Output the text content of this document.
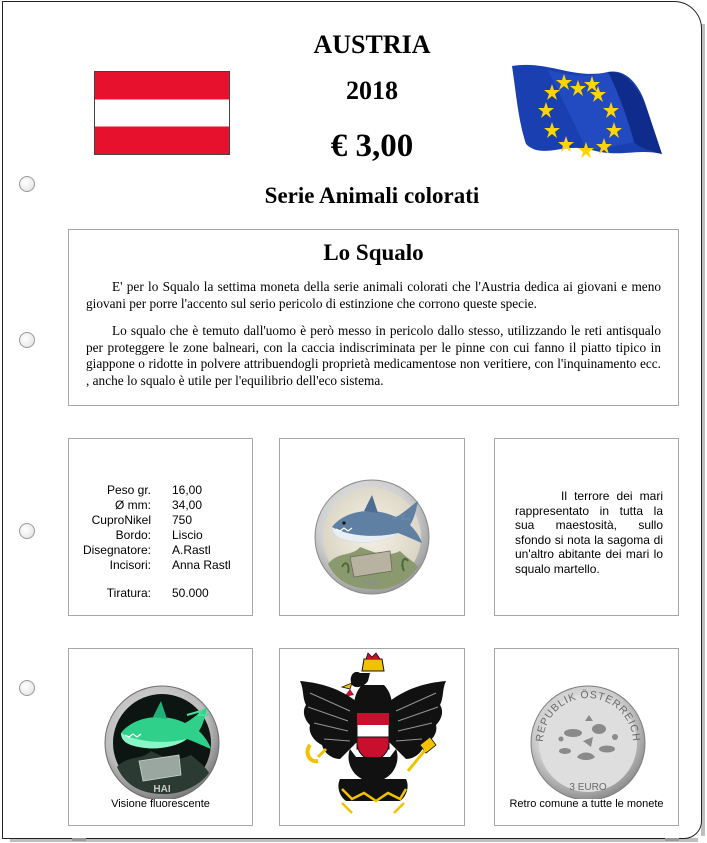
AUSTRIA
2018
€ 3,00
Serie Animali colorati
Lo Squalo

E' per lo Squalo la settima moneta della serie animali colorati che l'Austria dedica ai giovani e meno giovani per porre l'accento sul serio pericolo di estinzione che corrono queste specie.

Lo squalo che è temuto dall'uomo è però messo in pericolo dallo stesso, utilizzando le reti antisqualo per proteggere le zone balneari, con la caccia indiscriminata per le pinne con cui fanno il piatto tipico in giappone o ridotte in polvere attribuendogli proprietà medicamentose non veritiere, con l'inquinamento ecc. , anche lo squalo è utile per l'equilibrio dell'eco sistema.

Peso gr. 16,00
Ø mm: 34,00
CuproNikel 750
Bordo: Liscio
Disegnatore: A.Rastl
Incisori: Anna Rastl
Tiratura: 50.000
HAI

Il terrore dei mari rappresentato in tutta la sua maestosità, sullo sfondo si nota la sagoma di un'altro abitante dei mari lo squalo martello.

HAI
Visione fluorescente
REPUBLIK ÖSTERREICH
3 EURO
Retro comune a tutte le monete
